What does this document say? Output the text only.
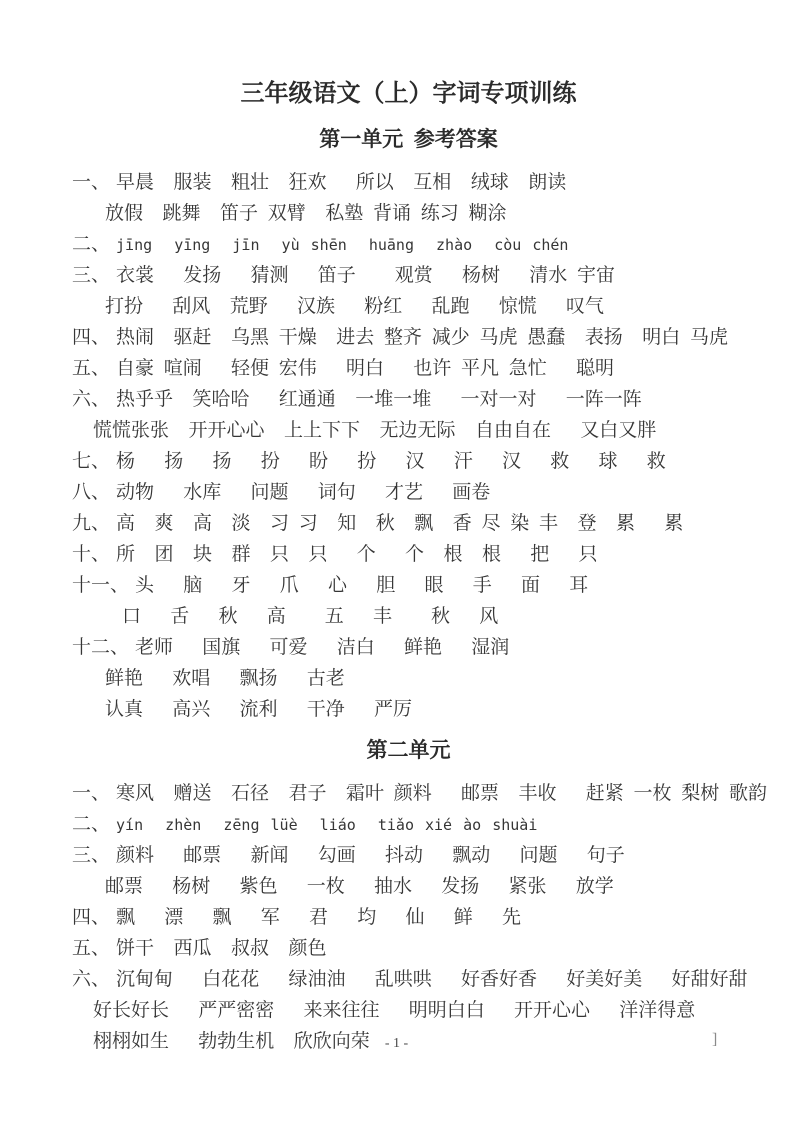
三年级语文（上）字词专项训练
第一单元  参考答案
一、 早晨  服装  粗壮  狂欢   所以  互相  绒球  朗读
放假  跳舞  笛子 双臂  私塾 背诵 练习 糊涂
二、 jīng  yīng  jīn  yù shēn  huāng  zhào  còu chén
三、 衣裳   发扬   猜测   笛子    观赏   杨树   清水 宇宙
打扮   刮风  荒野   汉族   粉红   乱跑   惊慌   叹气
四、 热闹  驱赶  乌黑 干燥  进去 整齐 减少 马虎 愚蠢  表扬  明白 马虎
五、 自豪 喧闹   轻便 宏伟   明白   也许 平凡 急忙   聪明
六、 热乎乎  笑哈哈   红通通  一堆一堆   一对一对   一阵一阵
慌慌张张  开开心心  上上下下  无边无际  自由自在   又白又胖
七、 杨   扬   扬   扮   盼   扮   汉   汗   汉   救   球   救
八、 动物   水库   问题   词句   才艺   画卷
九、 高  爽  高  淡  习 习  知  秋  飘  香 尽 染 丰  登  累   累
十、 所  团  块  群  只  只   个   个  根  根   把   只
十一、 头   脑   牙   爪   心   胆   眼   手   面   耳
口   舌   秋   高    五   丰    秋   风
十二、 老师   国旗   可爱   洁白   鲜艳   湿润
鲜艳   欢唱   飘扬   古老
认真   高兴   流利   干净   严厉
第二单元
一、 寒风  赠送  石径  君子  霜叶 颜料   邮票  丰收   赶紧 一枚 梨树 歌韵
二、 yín  zhèn  zēng lüè  liáo  tiǎo xié ào shuài
三、 颜料   邮票   新闻   勾画   抖动   飘动   问题   句子
邮票   杨树   紫色   一枚   抽水   发扬   紧张   放学
四、 飘   漂   飘   军   君   均   仙   鲜   先
五、 饼干  西瓜  叔叔  颜色
六、 沉甸甸   白花花   绿油油   乱哄哄   好香好香   好美好美   好甜好甜
好长好长   严严密密   来来往往   明明白白   开开心心   洋洋得意
栩栩如生   勃勃生机  欣欣向荣	- 1 -	]
